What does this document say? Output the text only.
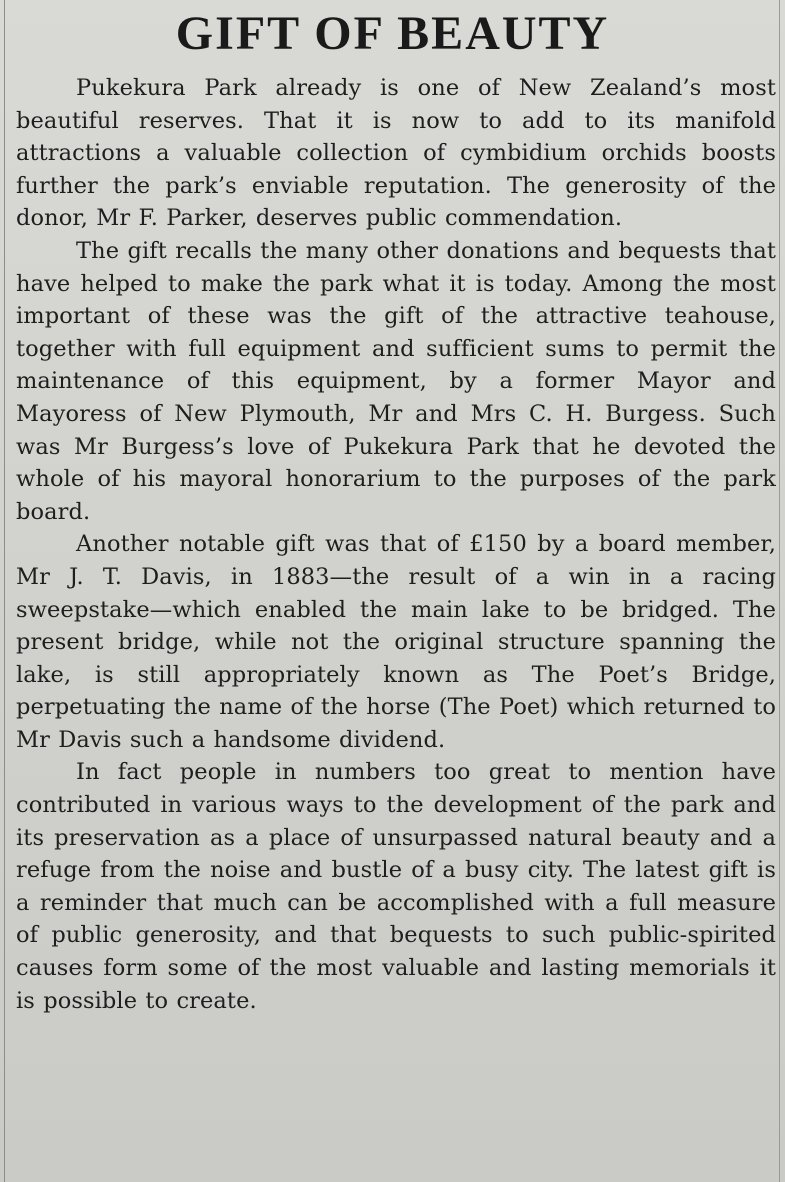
GIFT OF BEAUTY

Pukekura Park already is one of New Zealand’s most beautiful reserves. That it is now to add to its manifold attractions a valuable collection of cymbidium orchids boosts further the park’s enviable reputation. The generosity of the donor, Mr F. Parker, deserves public commendation.

The gift recalls the many other donations and bequests that have helped to make the park what it is today. Among the most important of these was the gift of the attractive teahouse, together with full equipment and sufficient sums to permit the maintenance of this equipment, by a former Mayor and Mayoress of New Plymouth, Mr and Mrs C. H. Burgess. Such was Mr Burgess’s love of Pukekura Park that he devoted the whole of his mayoral honorarium to the purposes of the park board.

Another notable gift was that of £150 by a board member, Mr J. T. Davis, in 1883—the result of a win in a racing sweepstake—which enabled the main lake to be bridged. The present bridge, while not the original structure spanning the lake, is still appropriately known as The Poet’s Bridge, perpetuating the name of the horse (The Poet) which returned to Mr Davis such a handsome dividend.

In fact people in numbers too great to mention have contributed in various ways to the development of the park and its preservation as a place of unsurpassed natural beauty and a refuge from the noise and bustle of a busy city. The latest gift is a reminder that much can be accomplished with a full measure of public generosity, and that bequests to such public-spirited causes form some of the most valuable and lasting memorials it is possible to create.
